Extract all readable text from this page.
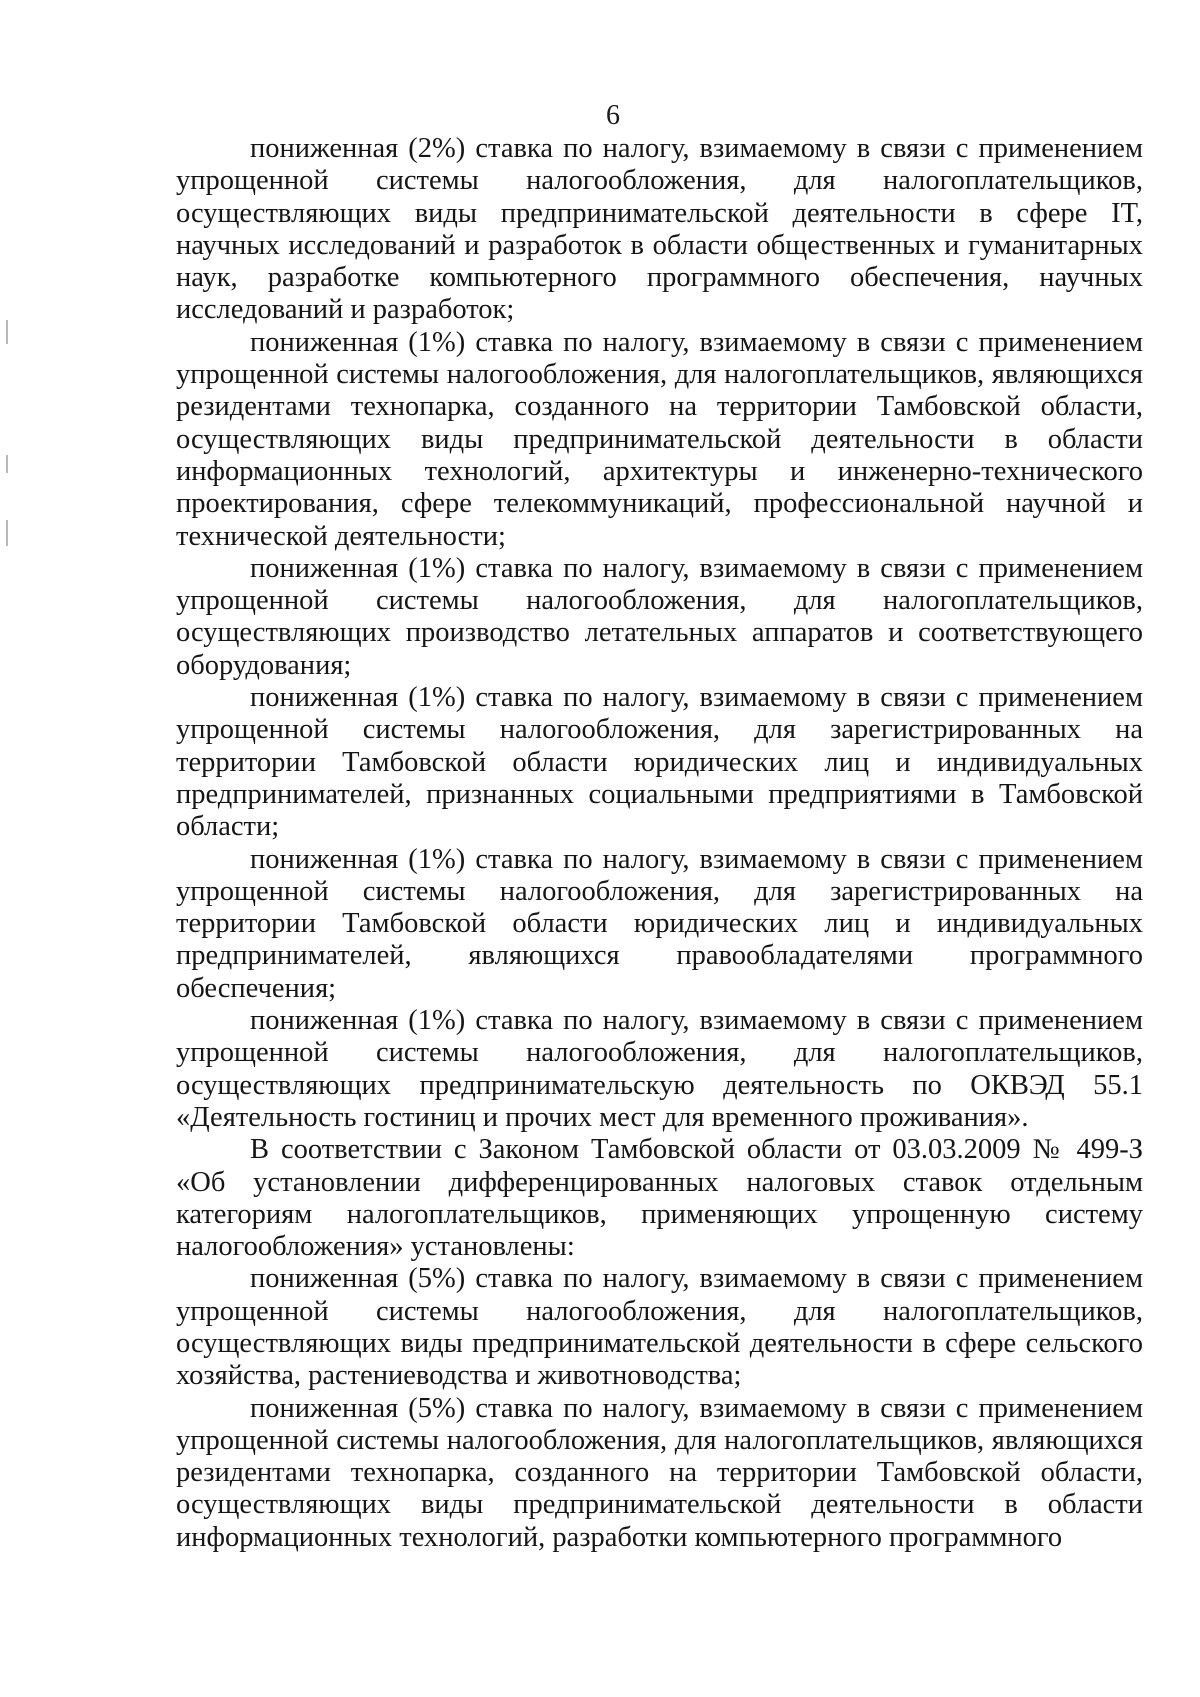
6

пониженная (2%) ставка по налогу, взимаемому в связи с применением упрощенной системы налогообложения, для налогоплательщиков, осуществляющих виды предпринимательской деятельности в сфере IT, научных исследований и разработок в области общественных и гуманитарных наук, разработке компьютерного программного обеспечения, научных исследований и разработок;

пониженная (1%) ставка по налогу, взимаемому в связи с применением упрощенной системы налогообложения, для налогоплательщиков, являющихся резидентами технопарка, созданного на территории Тамбовской области, осуществляющих виды предпринимательской деятельности в области информационных технологий, архитектуры и инженерно-технического проектирования, сфере телекоммуникаций, профессиональной научной и технической деятельности;

пониженная (1%) ставка по налогу, взимаемому в связи с применением упрощенной системы налогообложения, для налогоплательщиков, осуществляющих производство летательных аппаратов и соответствующего оборудования;

пониженная (1%) ставка по налогу, взимаемому в связи с применением упрощенной системы налогообложения, для зарегистрированных на территории Тамбовской области юридических лиц и индивидуальных предпринимателей, признанных социальными предприятиями в Тамбовской области;

пониженная (1%) ставка по налогу, взимаемому в связи с применением упрощенной системы налогообложения, для зарегистрированных на территории Тамбовской области юридических лиц и индивидуальных предпринимателей, являющихся правообладателями программного обеспечения;

пониженная (1%) ставка по налогу, взимаемому в связи с применением упрощенной системы налогообложения, для налогоплательщиков, осуществляющих предпринимательскую деятельность по ОКВЭД 55.1 «Деятельность гостиниц и прочих мест для временного проживания».

В соответствии с Законом Тамбовской области от 03.03.2009 № 499-З «Об установлении дифференцированных налоговых ставок отдельным категориям налогоплательщиков, применяющих упрощенную систему налогообложения» установлены:

пониженная (5%) ставка по налогу, взимаемому в связи с применением упрощенной системы налогообложения, для налогоплательщиков, осуществляющих виды предпринимательской деятельности в сфере сельского хозяйства, растениеводства и животноводства;

пониженная (5%) ставка по налогу, взимаемому в связи с применением упрощенной системы налогообложения, для налогоплательщиков, являющихся резидентами технопарка, созданного на территории Тамбовской области, осуществляющих виды предпринимательской деятельности в области информационных технологий, разработки компьютерного программного
